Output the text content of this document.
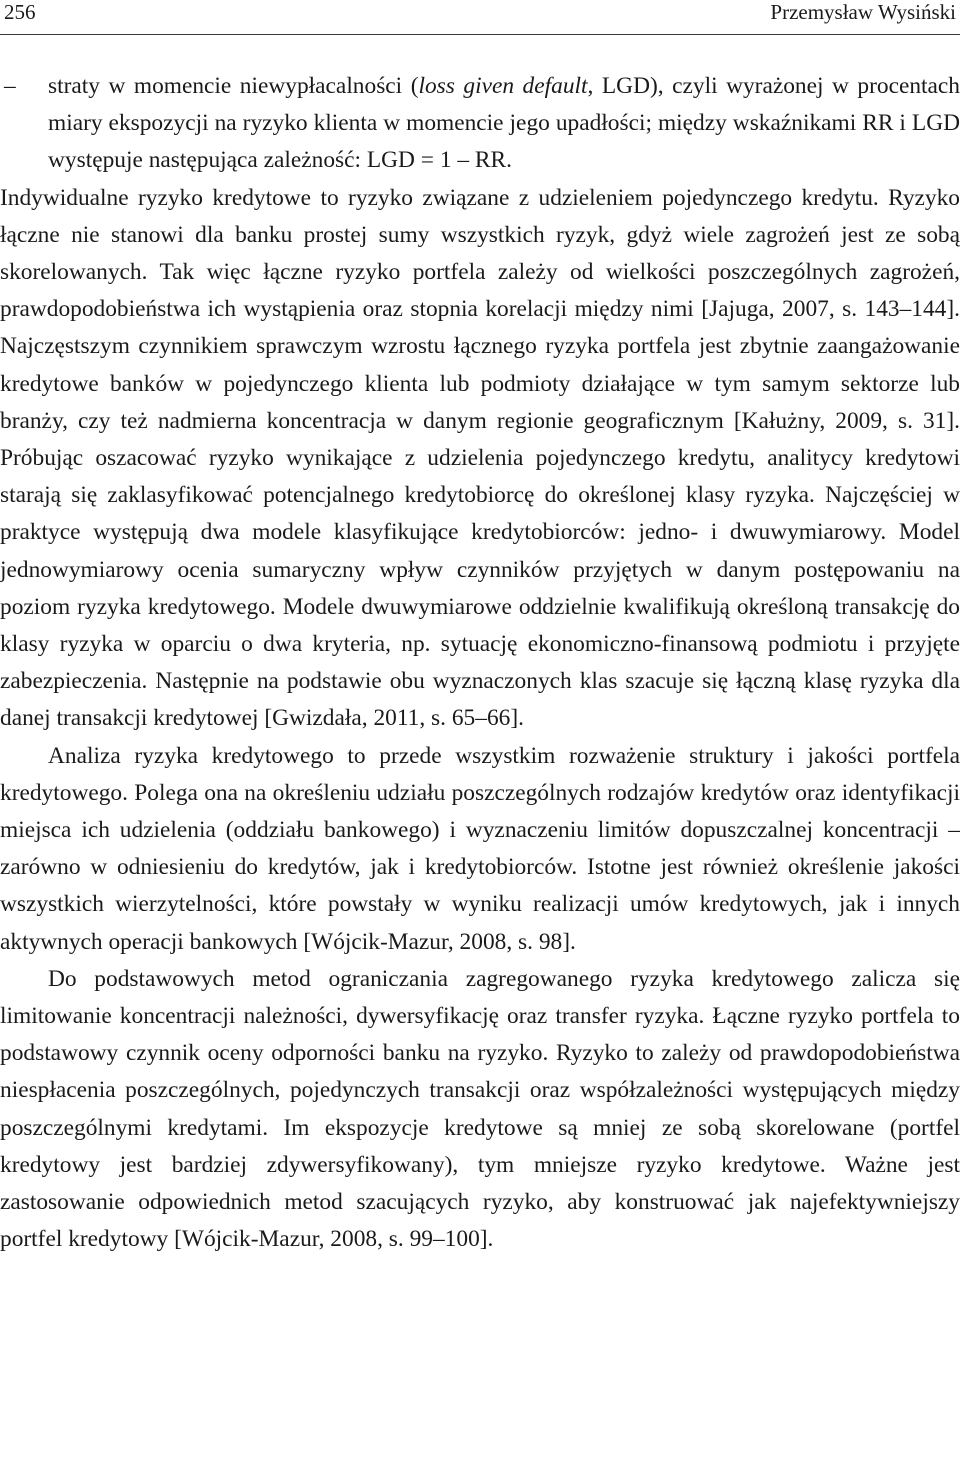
256	Przemysław Wysiński

– straty w momencie niewypłacalności (loss given default, LGD), czyli wyrażonej w procentach miary ekspozycji na ryzyko klienta w momencie jego upadłości; między wskaźnikami RR i LGD występuje następująca zależność: LGD = 1 – RR.

Indywidualne ryzyko kredytowe to ryzyko związane z udzieleniem pojedynczego kredytu. Ryzyko łączne nie stanowi dla banku prostej sumy wszystkich ryzyk, gdyż wiele zagrożeń jest ze sobą skorelowanych. Tak więc łączne ryzyko portfela zależy od wielkości poszczególnych zagrożeń, prawdopodobieństwa ich wystąpienia oraz stopnia korelacji między nimi [Jajuga, 2007, s. 143–144]. Najczęstszym czynnikiem sprawczym wzrostu łącznego ryzyka portfela jest zbytnie zaangażowanie kredytowe banków w pojedynczego klienta lub podmioty działające w tym samym sektorze lub branży, czy też nadmierna koncentracja w danym regionie geograficznym [Kałużny, 2009, s. 31]. Próbując oszacować ryzyko wynikające z udzielenia pojedynczego kredytu, analitycy kredytowi starają się zaklasyfikować potencjalnego kredytobiorcę do określonej klasy ryzyka. Najczęściej w praktyce występują dwa modele klasyfikujące kredytobiorców: jedno- i dwuwymiarowy. Model jednowymiarowy ocenia sumaryczny wpływ czynników przyjętych w danym postępowaniu na poziom ryzyka kredytowego. Modele dwuwymiarowe oddzielnie kwalifikują określoną transakcję do klasy ryzyka w oparciu o dwa kryteria, np. sytuację ekonomiczno-finansową podmiotu i przyjęte zabezpieczenia. Następnie na podstawie obu wyznaczonych klas szacuje się łączną klasę ryzyka dla danej transakcji kredytowej [Gwizdała, 2011, s. 65–66].

Analiza ryzyka kredytowego to przede wszystkim rozważenie struktury i jakości portfela kredytowego. Polega ona na określeniu udziału poszczególnych rodzajów kredytów oraz identyfikacji miejsca ich udzielenia (oddziału bankowego) i wyznaczeniu limitów dopuszczalnej koncentracji – zarówno w odniesieniu do kredytów, jak i kredytobiorców. Istotne jest również określenie jakości wszystkich wierzytelności, które powstały w wyniku realizacji umów kredytowych, jak i innych aktywnych operacji bankowych [Wójcik-Mazur, 2008, s. 98].

Do podstawowych metod ograniczania zagregowanego ryzyka kredytowego zalicza się limitowanie koncentracji należności, dywersyfikację oraz transfer ryzyka. Łączne ryzyko portfela to podstawowy czynnik oceny odporności banku na ryzyko. Ryzyko to zależy od prawdopodobieństwa niespłacenia poszczególnych, pojedynczych transakcji oraz współzależności występujących między poszczególnymi kredytami. Im ekspozycje kredytowe są mniej ze sobą skorelowane (portfel kredytowy jest bardziej zdywersyfikowany), tym mniejsze ryzyko kredytowe. Ważne jest zastosowanie odpowiednich metod szacujących ryzyko, aby konstruować jak najefektywniejszy portfel kredytowy [Wójcik-Mazur, 2008, s. 99–100].
